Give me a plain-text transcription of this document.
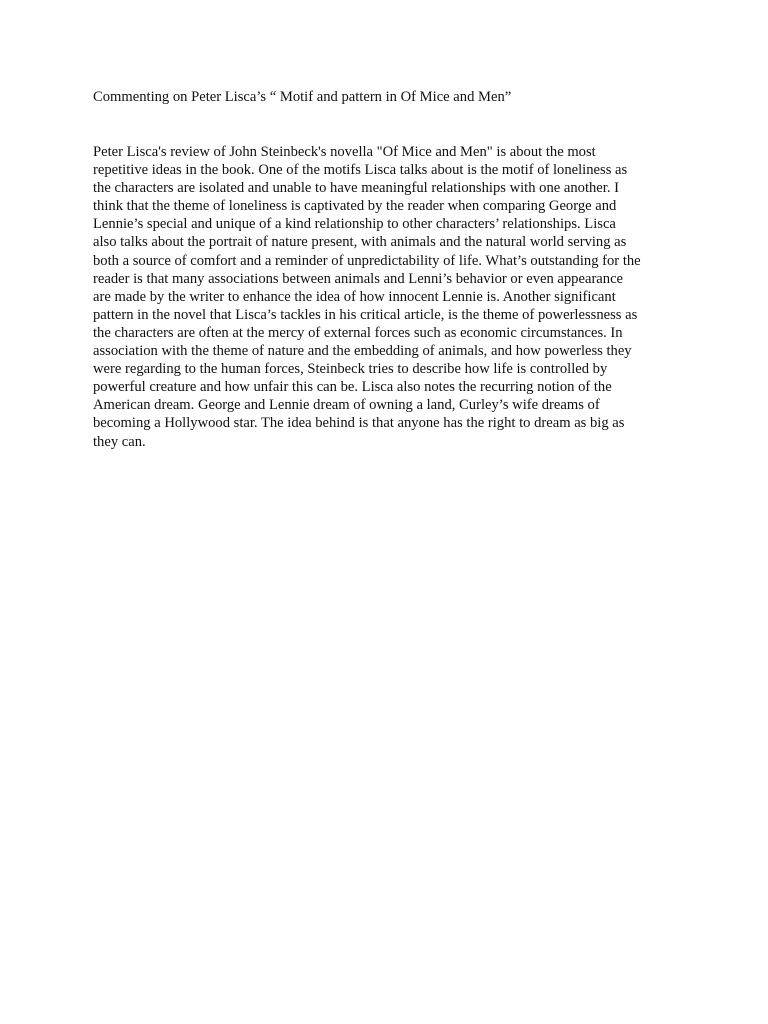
Commenting on Peter Lisca’s “ Motif and pattern in Of Mice and Men”

Peter Lisca's review of John Steinbeck's novella "Of Mice and Men" is about the most
repetitive ideas in the book. One of the motifs Lisca talks about is the motif of loneliness as
the characters are isolated and unable to have meaningful relationships with one another. I
think that the theme of loneliness is captivated by the reader when comparing George and
Lennie’s special and unique of a kind relationship to other characters’ relationships. Lisca
also talks about the portrait of nature present, with animals and the natural world serving as
both a source of comfort and a reminder of unpredictability of life. What’s outstanding for the
reader is that many associations between animals and Lenni’s behavior or even appearance
are made by the writer to enhance the idea of how innocent Lennie is. Another significant
pattern in the novel that Lisca’s tackles in his critical article, is the theme of powerlessness as
the characters are often at the mercy of external forces such as economic circumstances. In
association with the theme of nature and the embedding of animals, and how powerless they
were regarding to the human forces, Steinbeck tries to describe how life is controlled by
powerful creature and how unfair this can be. Lisca also notes the recurring notion of the
American dream. George and Lennie dream of owning a land, Curley’s wife dreams of
becoming a Hollywood star. The idea behind is that anyone has the right to dream as big as
they can.
